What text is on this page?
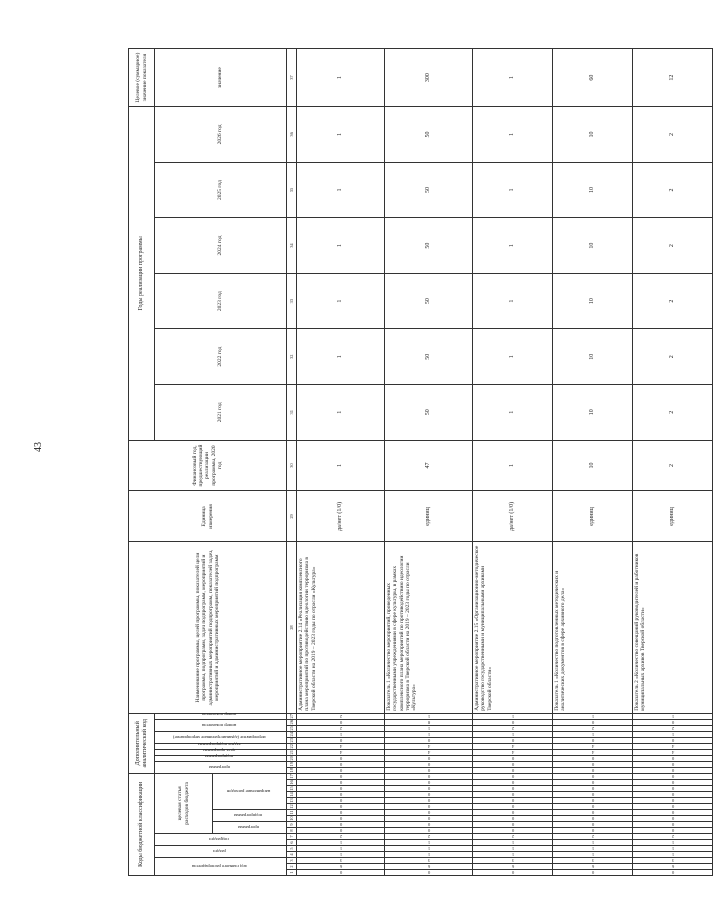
43
Коды бюджетной классификации																	Дополнительный аналитический код										Наименование программы, целей программы, показателей цели программы, подпрограмм, задач подпрограмм, мероприятий и административных мероприятий подпрограмм, показателей задач, мероприятий и административных мероприятий подпрограмм	Единица измерения	Финансовый год, предшествующий реализации программы, 2020 год	Годы реализации программы						Целевое (суммарное) значение показателя
код главного распорядителя			раздел		подраздел		целевая статья расходов бюджета										программа		подпрограмма	цель программы	задача подпрограммы	мероприятие (административное мероприятие)		номер показателя		номер показателя				2021 год	2022 год	2023 год	2024 год	2025 год	2026 год	значение
							программа		подпрограмма		направление расходов																									
1	2	3	4	5	6	7	8	9	10	11	12	13	14	15	16	17	18	19	20	21	22	23	24	25	26	27	28	29	30	31	32	33	34	35	36	37
0	6	3	1	1	1	2	0	0	0	0	0	0	0	0	0	0	0	0	0	4	4	0	1	2	0	2	Административное мероприятие 2.14 «Реализация комплексного плана мероприятий по противодействию идеологии терроризма в Тверской области на 2019 – 2023 годы по отрасли «Культура»	да/нет (1/0)	1	1	1	1	1	1	1	1
0	6	3	1	1	1	2	0	0	0	0	0	0	0	0	0	0	0	0	0	4	4	0	1	1	8	1	Показатель 1 «Количество мероприятий, проведенных государственными учреждениями в сфере культуры, в рамках комплексного плана мероприятий по противодействию идеологии терроризма в Тверской области на 2019 – 2023 годы по отрасли «Культура»	единиц	47	50	50	50	50	50	50	300
0	6	3	1	1	1	2	0	0	0	0	0	0	0	0	0	0	0	0	0	4	4	0	1	2	0	1	Административное мероприятие 2.15 «Организационно-методическое руководство государственными и муниципальными архивами Тверской области»	да/нет (1/0)	1	1	1	1	1	1	1	1
0	6	3	1	1	1	2	0	0	0	0	0	0	0	0	0	0	0	0	0	4	4	0	1	2	0	1	Показатель 1 «Количество подготовленных методических и аналитических документов в сфере архивного дела»	единиц	10	10	10	10	10	10	10	60
0	6	3	1	1	1	2	0	0	0	0	0	0	0	0	0	0	0	0	0	4	4	0	1	2	0	1	Показатель 2 «Количество совещаний руководителей и работников муниципальных архивов Тверской области»	единиц	2	2	2	2	2	2	2	12
